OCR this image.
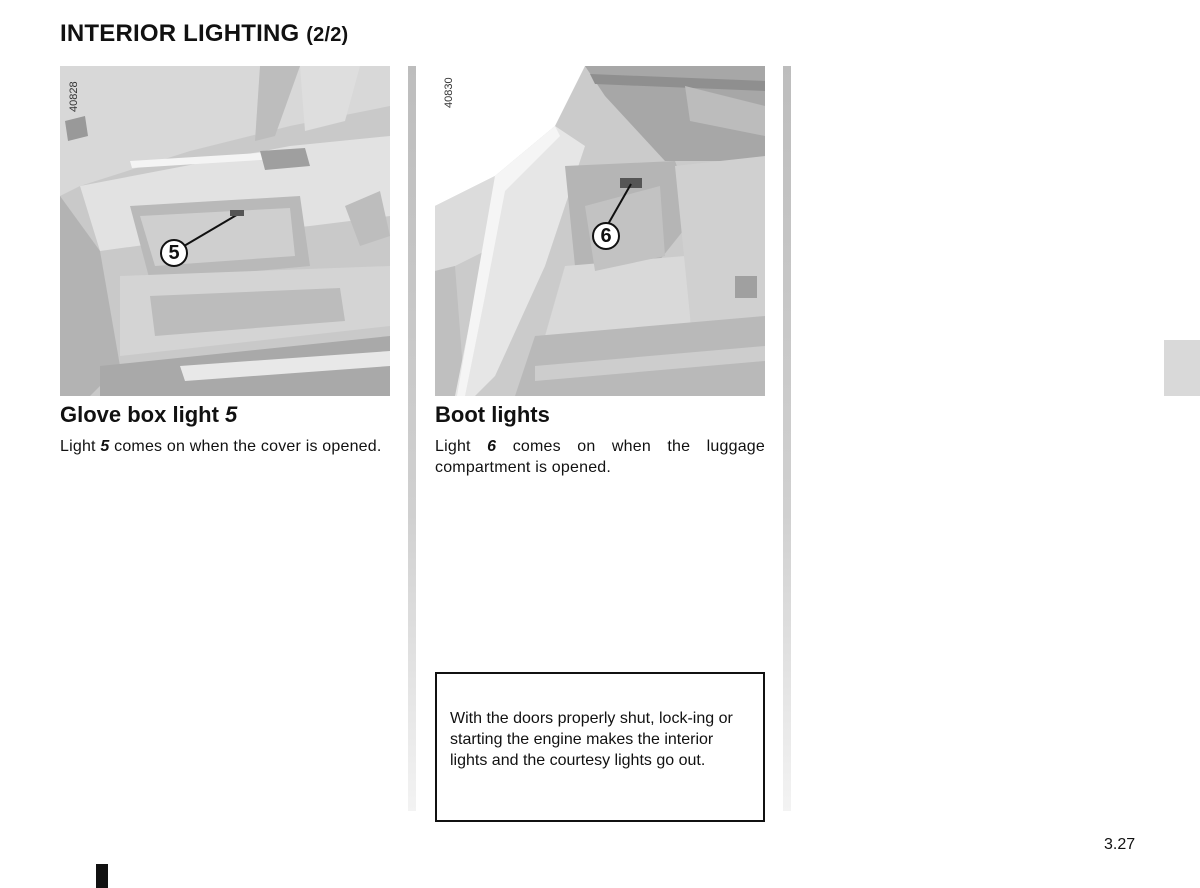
INTERIOR LIGHTING (2/2)
40828
5
40830
6
Glove box light 5
Light 5 comes on when the cover is opened.
Boot lights
Light 6 comes on when the luggage compartment is opened.
With the doors properly shut, lock-ing or starting the engine makes the interior lights and the courtesy lights go out.
3.27
